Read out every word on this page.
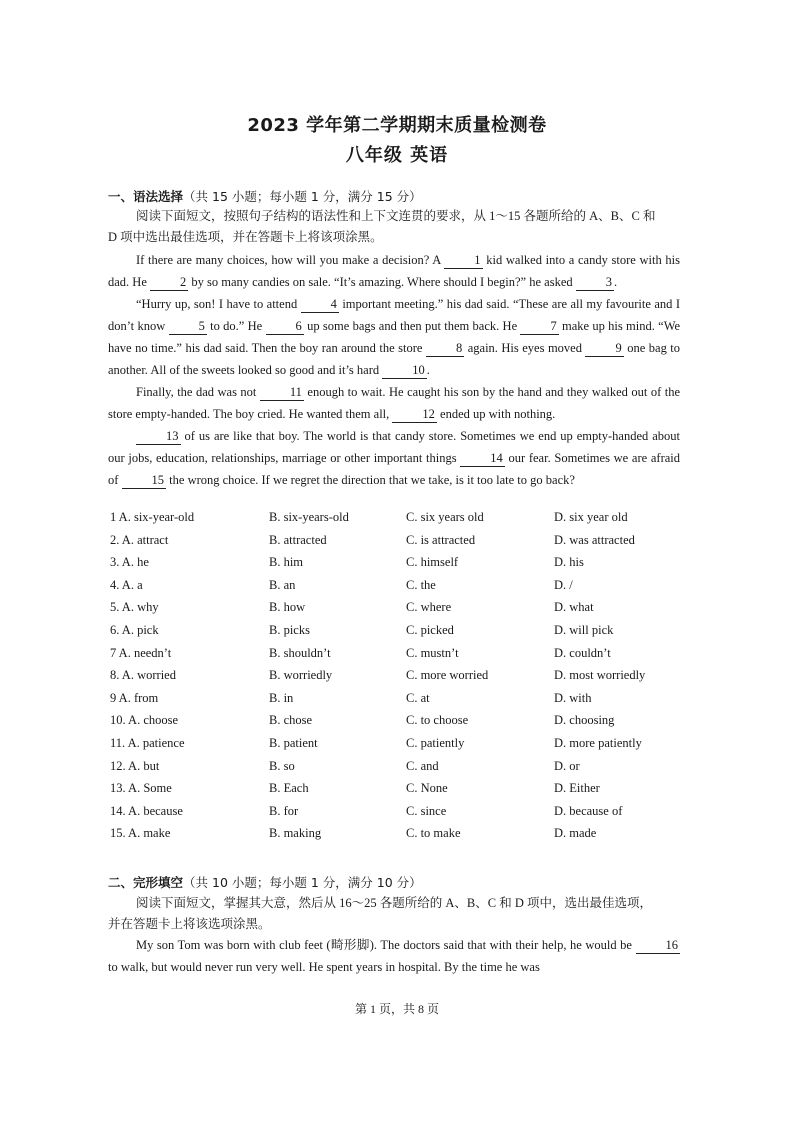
2023 学年第二学期期末质量检测卷
八年级 英语
一、语法选择（共 15 小题；每小题 1 分，满分 15 分）
阅读下面短文，按照句子结构的语法性和上下文连贯的要求，从 1～15 各题所给的 A、B、C 和
D 项中选出最佳选项，并在答题卡上将该项涂黑。

If there are many choices, how will you make a decision? A	1 kid walked into a candy store with his dad. He	2 by so many candies on sale. “It’s amazing. Where should I begin?” he asked	3 .

“Hurry up, son! I have to attend	4 important meeting.” his dad said. “These are all my favourite and I don’t know	5 to do.” He	6 up some bags and then put them back. He	7 make up his mind. “We have no time.” his dad said. Then the boy ran around the store	8 again. His eyes moved	9 one bag to another. All of the sweets looked so good and it’s hard	10 .

Finally, the dad was not	11 enough to wait. He caught his son by the hand and they walked out of the store empty-handed. The boy cried. He wanted them all,	12 ended up with nothing.

13 of us are like that boy. The world is that candy store. Sometimes we end up empty-handed about our jobs, education, relationships, marriage or other important things	14 our fear. Sometimes we are afraid of	15 the wrong choice. If we regret the direction that we take, is it too late to go back?

1 A. six-year-old	B. six-years-old	C. six years old	D. six year old
2. A. attract	B. attracted	C. is attracted	D. was attracted
3. A. he	B. him	C. himself	D. his
4. A. a	B. an	C. the	D. /
5. A. why	B. how	C. where	D. what
6. A. pick	B. picks	C. picked	D. will pick
7 A. needn’t	B. shouldn’t	C. mustn’t	D. couldn’t
8. A. worried	B. worriedly	C. more worried	D. most worriedly
9 A. from	B. in	C. at	D. with
10. A. choose	B. chose	C. to choose	D. choosing
11. A. patience	B. patient	C. patiently	D. more patiently
12. A. but	B. so	C. and	D. or
13. A. Some	B. Each	C. None	D. Either
14. A. because	B. for	C. since	D. because of
15. A. make	B. making	C. to make	D. made
二、完形填空（共 10 小题；每小题 1 分，满分 10 分）
阅读下面短文，掌握其大意，然后从 16～25 各题所给的 A、B、C 和 D 项中，选出最佳选项，
并在答题卡上将该选项涂黑。

My son Tom was born with club feet (畸形脚). The doctors said that with their help, he would be	16 to walk, but would never run very well. He spent years in hospital. By the time he was

第 1 页，共 8 页
